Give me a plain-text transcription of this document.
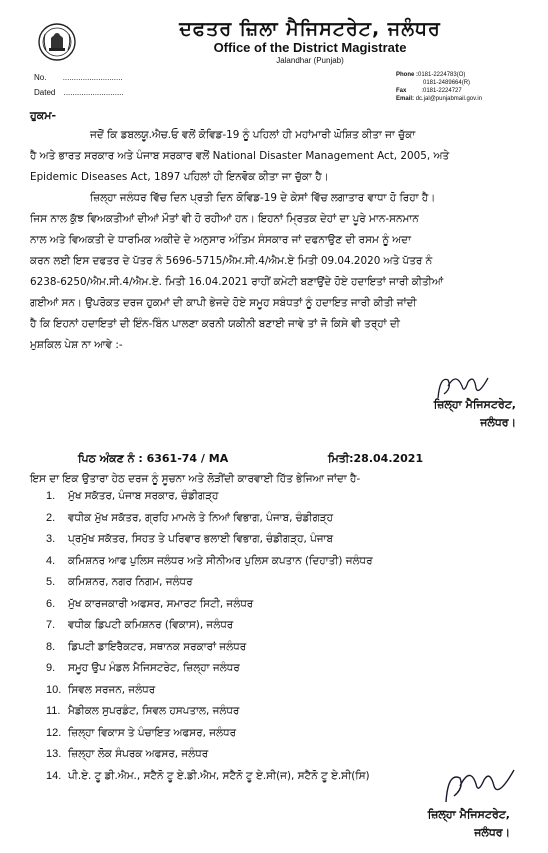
ਦਫਤਰ ਜ਼ਿਲਾ ਮੈਜਿਸਟਰੇਟ, ਜਲੰਧਰ
Office of the District Magistrate
Jalandhar (Punjab)
No. ...........................
Dated ...........................
Phone :0181-2224783(O)
0181-2489664(R)
Fax	:0181-2224727
Email: dc.jal@punjabmail.gov.in
ਹੁਕਮ-
ਜਦੋਂ ਕਿ ਡਬਲਯੂ.ਐਚ.ਓ ਵਲੋਂ ਕੋਵਿਡ-19 ਨੂੰ ਪਹਿਲਾਂ ਹੀ ਮਹਾਂਮਾਰੀ ਘੋਸ਼ਿਤ ਕੀਤਾ ਜਾ ਚੁੱਕਾ
ਹੈ ਅਤੇ ਭਾਰਤ ਸਰਕਾਰ ਅਤੇ ਪੰਜਾਬ ਸਰਕਾਰ ਵਲੋਂ National Disaster Management Act, 2005, ਅਤੇ
Epidemic Diseases Act, 1897 ਪਹਿਲਾਂ ਹੀ ਇਨਵੋਕ ਕੀਤਾ ਜਾ ਚੁੱਕਾ ਹੈ।
ਜ਼ਿਲ੍ਹਾ ਜਲੰਧਰ ਵਿੱਚ ਦਿਨ ਪ੍ਰਤੀ ਦਿਨ ਕੋਵਿਡ-19 ਦੇ ਕੇਸਾਂ ਵਿੱਚ ਲਗਾਤਾਰ ਵਾਧਾ ਹੋ ਰਿਹਾ ਹੈ।
ਜਿਸ ਨਾਲ ਕੁੱਝ ਵਿਅਕਤੀਆਂ ਦੀਆਂ ਮੌਤਾਂ ਵੀ ਹੋ ਰਹੀਆਂ ਹਨ। ਇਹਨਾਂ ਮ੍ਰਿਤਕ ਦੇਹਾਂ ਦਾ ਪੂਰੇ ਮਾਨ-ਸਨਮਾਨ
ਨਾਲ ਅਤੇ ਵਿਅਕਤੀ ਦੇ ਧਾਰਮਿਕ ਅਕੀਦੇ ਦੇ ਅਨੁਸਾਰ ਅੰਤਿਮ ਸੰਸਕਾਰ ਜਾਂ ਦਫਨਾਉਣ ਦੀ ਰਸਮ ਨੂੰ ਅਦਾ
ਕਰਨ ਲਈ ਇਸ ਦਫਤਰ ਦੇ ਪੱਤਰ ਨੰ 5696-5715/ਐਮ.ਸੀ.4/ਐਮ.ਏ ਮਿਤੀ 09.04.2020 ਅਤੇ ਪੱਤਰ ਨੰ
6238-6250/ਐਮ.ਸੀ.4/ਐਮ.ਏ. ਮਿਤੀ 16.04.2021 ਰਾਹੀਂ ਕਮੇਟੀ ਬਣਾਉਂਦੇ ਹੋਏ ਹਦਾਇਤਾਂ ਜਾਰੀ ਕੀਤੀਆਂ
ਗਈਆਂ ਸਨ। ਉਪਰੋਕਤ ਦਰਜ ਹੁਕਮਾਂ ਦੀ ਕਾਪੀ ਭੇਜਦੇ ਹੋਏ ਸਮੂਹ ਸਬੰਧਤਾਂ ਨੂੰ ਹਦਾਇਤ ਜਾਰੀ ਕੀਤੀ ਜਾਂਦੀ
ਹੈ ਕਿ ਇਹਨਾਂ ਹਦਾਇਤਾਂ ਦੀ ਇੰਨ-ਬਿੰਨ ਪਾਲਣਾ ਕਰਨੀ ਯਕੀਨੀ ਬਣਾਈ ਜਾਵੇ ਤਾਂ ਜੋ ਕਿਸੇ ਵੀ ਤਰ੍ਹਾਂ ਦੀ
ਮੁਸ਼ਕਿਲ ਪੇਸ਼ ਨਾ ਆਵੇ :-
ਜ਼ਿਲ੍ਹਾ ਮੈਜਿਸਟਰੇਟ,
ਜਲੰਧਰ।
ਪਿਠ ਅੰਕਣ ਨੰ : 6361-74 / MA	ਮਿਤੀ:28.04.2021
ਇਸ ਦਾ ਇਕ ਉਤਾਰਾ ਹੇਠ ਦਰਜ ਨੂੰ ਸੂਚਨਾ ਅਤੇ ਲੋੜੀਂਦੀ ਕਾਰਵਾਈ ਹਿੱਤ ਭੇਜਿਆ ਜਾਂਦਾ ਹੈ-
1.	ਮੁੱਖ ਸਕੱਤਰ, ਪੰਜਾਬ ਸਰਕਾਰ, ਚੰਡੀਗੜ੍ਹ
2.	ਵਧੀਕ ਮੁੱਖ ਸਕੱਤਰ, ਗ੍ਰਹਿ ਮਾਮਲੇ ਤੇ ਨਿਆਂ ਵਿਭਾਗ, ਪੰਜਾਬ, ਚੰਡੀਗੜ੍ਹ
3.	ਪ੍ਰਮੁੱਖ ਸਕੱਤਰ, ਸਿਹਤ ਤੇ ਪਰਿਵਾਰ ਭਲਾਈ ਵਿਭਾਗ, ਚੰਡੀਗੜ੍ਹ, ਪੰਜਾਬ
4.	ਕਮਿਸ਼ਨਰ ਆਫ ਪੁਲਿਸ ਜਲੰਧਰ ਅਤੇ ਸੀਨੀਅਰ ਪੁਲਿਸ ਕਪਤਾਨ (ਦਿਹਾਤੀ) ਜਲੰਧਰ
5.	ਕਮਿਸ਼ਨਰ, ਨਗਰ ਨਿਗਮ, ਜਲੰਧਰ
6.	ਮੁੱਖ ਕਾਰਜਕਾਰੀ ਅਫਸਰ, ਸਮਾਰਟ ਸਿਟੀ, ਜਲੰਧਰ
7.	ਵਧੀਕ ਡਿਪਟੀ ਕਮਿਸ਼ਨਰ (ਵਿਕਾਸ), ਜਲੰਧਰ
8.	ਡਿਪਟੀ ਡਾਇਰੈਕਟਰ, ਸਥਾਨਕ ਸਰਕਾਰਾਂ ਜਲੰਧਰ
9.	ਸਮੂਹ ਉਪ ਮੰਡਲ ਮੈਜਿਸਟਰੇਟ, ਜ਼ਿਲ੍ਹਾ ਜਲੰਧਰ
10. ਸਿਵਲ ਸਰਜਨ, ਜਲੰਧਰ
11. ਮੈਡੀਕਲ ਸੁਪਰਡੰਟ, ਸਿਵਲ ਹਸਪਤਾਲ, ਜਲੰਧਰ
12. ਜ਼ਿਲ੍ਹਾ ਵਿਕਾਸ ਤੇ ਪੰਚਾਇਤ ਅਫਸਰ, ਜਲੰਧਰ
13. ਜ਼ਿਲ੍ਹਾ ਲੋਕ ਸੰਪਰਕ ਅਫਸਰ, ਜਲੰਧਰ
14. ਪੀ.ਏ. ਟੂ ਡੀ.ਐਮ., ਸਟੈਨੋ ਟੂ ਏ.ਡੀ.ਐਮ, ਸਟੈਨੋ ਟੂ ਏ.ਸੀ(ਜ), ਸਟੈਨੋ ਟੂ ਏ.ਸੀ(ਸਿ)
ਜ਼ਿਲ੍ਹਾ ਮੈਜਿਸਟਰੇਟ,
ਜਲੰਧਰ।
